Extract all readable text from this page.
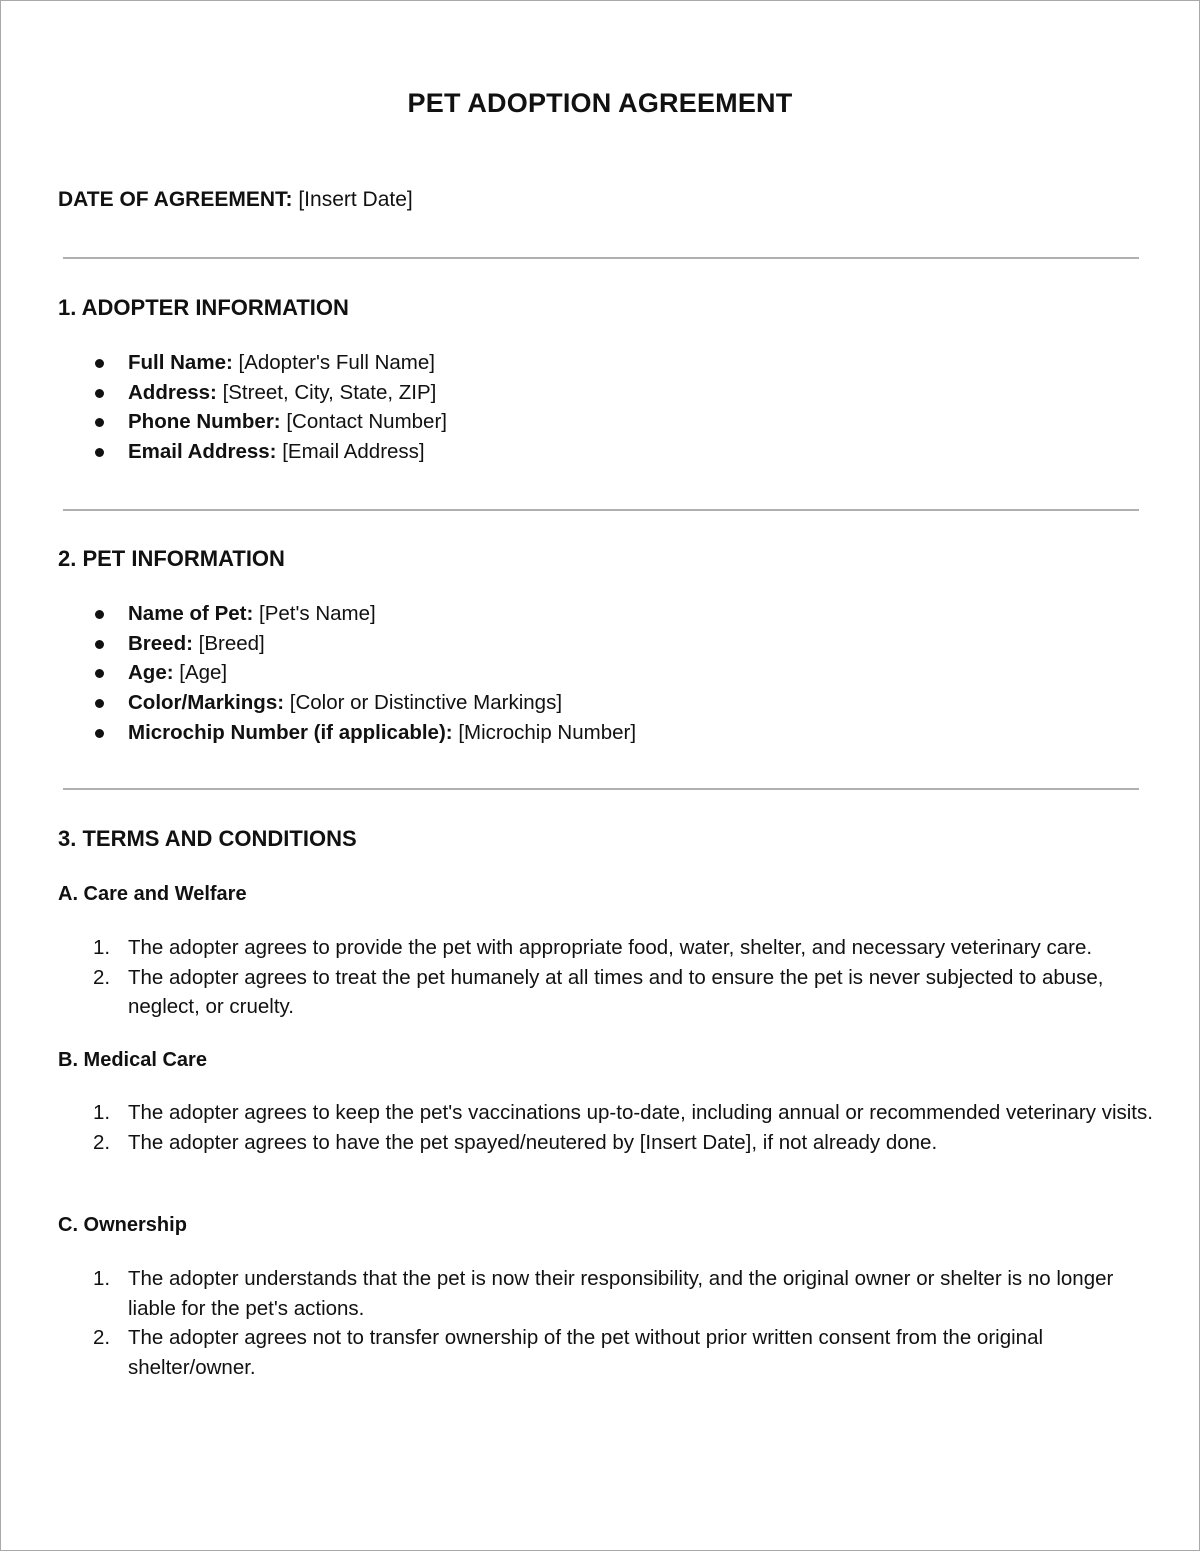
PET ADOPTION AGREEMENT
DATE OF AGREEMENT: [Insert Date]
1. ADOPTER INFORMATION
Full Name: [Adopter's Full Name]
Address: [Street, City, State, ZIP]
Phone Number: [Contact Number]
Email Address: [Email Address]
2. PET INFORMATION
Name of Pet: [Pet's Name]
Breed: [Breed]
Age: [Age]
Color/Markings: [Color or Distinctive Markings]
Microchip Number (if applicable): [Microchip Number]
3. TERMS AND CONDITIONS
A. Care and Welfare
1. The adopter agrees to provide the pet with appropriate food, water, shelter, and necessary veterinary care.
2. The adopter agrees to treat the pet humanely at all times and to ensure the pet is never subjected to abuse, neglect, or cruelty.
B. Medical Care
1. The adopter agrees to keep the pet's vaccinations up-to-date, including annual or recommended veterinary visits.
2. The adopter agrees to have the pet spayed/neutered by [Insert Date], if not already done.
C. Ownership
1. The adopter understands that the pet is now their responsibility, and the original owner or shelter is no longer liable for the pet's actions.
2. The adopter agrees not to transfer ownership of the pet without prior written consent from the original shelter/owner.
